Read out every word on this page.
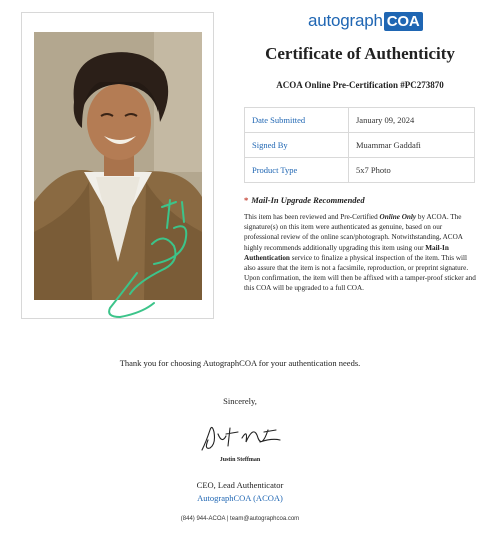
autograph COA
Certificate of Authenticity
ACOA Online Pre-Certification #PC273870
Date Submitted	January 09, 2024
Signed By	Muammar Gaddafi
Product Type	5x7 Photo
* Mail-In Upgrade Recommended
This item has been reviewed and Pre-Certified Online Only by ACOA. The signature(s) on this item were authenticated as genuine, based on our professional review of the online scan/photograph. Notwithstanding, ACOA highly recommends additionally upgrading this item using our Mail-In Authentication service to finalize a physical inspection of the item. This will also assure that the item is not a facsimile, reproduction, or preprint signature. Upon confirmation, the item will then be affixed with a tamper-proof sticker and this COA will be upgraded to a full COA.
Thank you for choosing AutographCOA for your authentication needs.
Sincerely,
Justin Steffman
CEO, Lead Authenticator
AutographCOA (ACOA)
(844) 944-ACOA | team@autographcoa.com
